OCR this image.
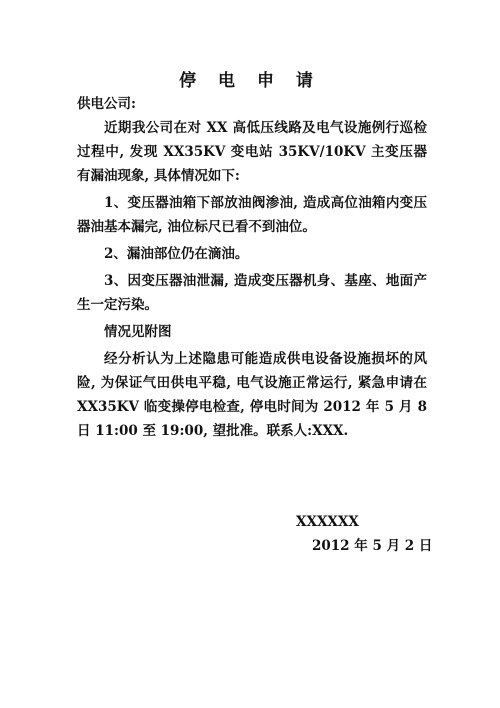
停 电 申 请
供电公司:

近期我公司在对 XX 高低压线路及电气设施例行巡检过程中, 发现 XX35KV 变电站 35KV/10KV 主变压器有漏油现象, 具体情况如下:

1、变压器油箱下部放油阀渗油, 造成高位油箱内变压器油基本漏完, 油位标尺已看不到油位。

2、漏油部位仍在滴油。

3、因变压器油泄漏, 造成变压器机身、基座、地面产生一定污染。

情况见附图

经分析认为上述隐患可能造成供电设备设施损坏的风险, 为保证气田供电平稳, 电气设施正常运行, 紧急申请在 XX35KV 临变操停电检查, 停电时间为 2012 年 5 月 8 日 11:00 至 19:00, 望批准。联系人:XXX.

XXXXXX
2012 年 5 月 2 日
